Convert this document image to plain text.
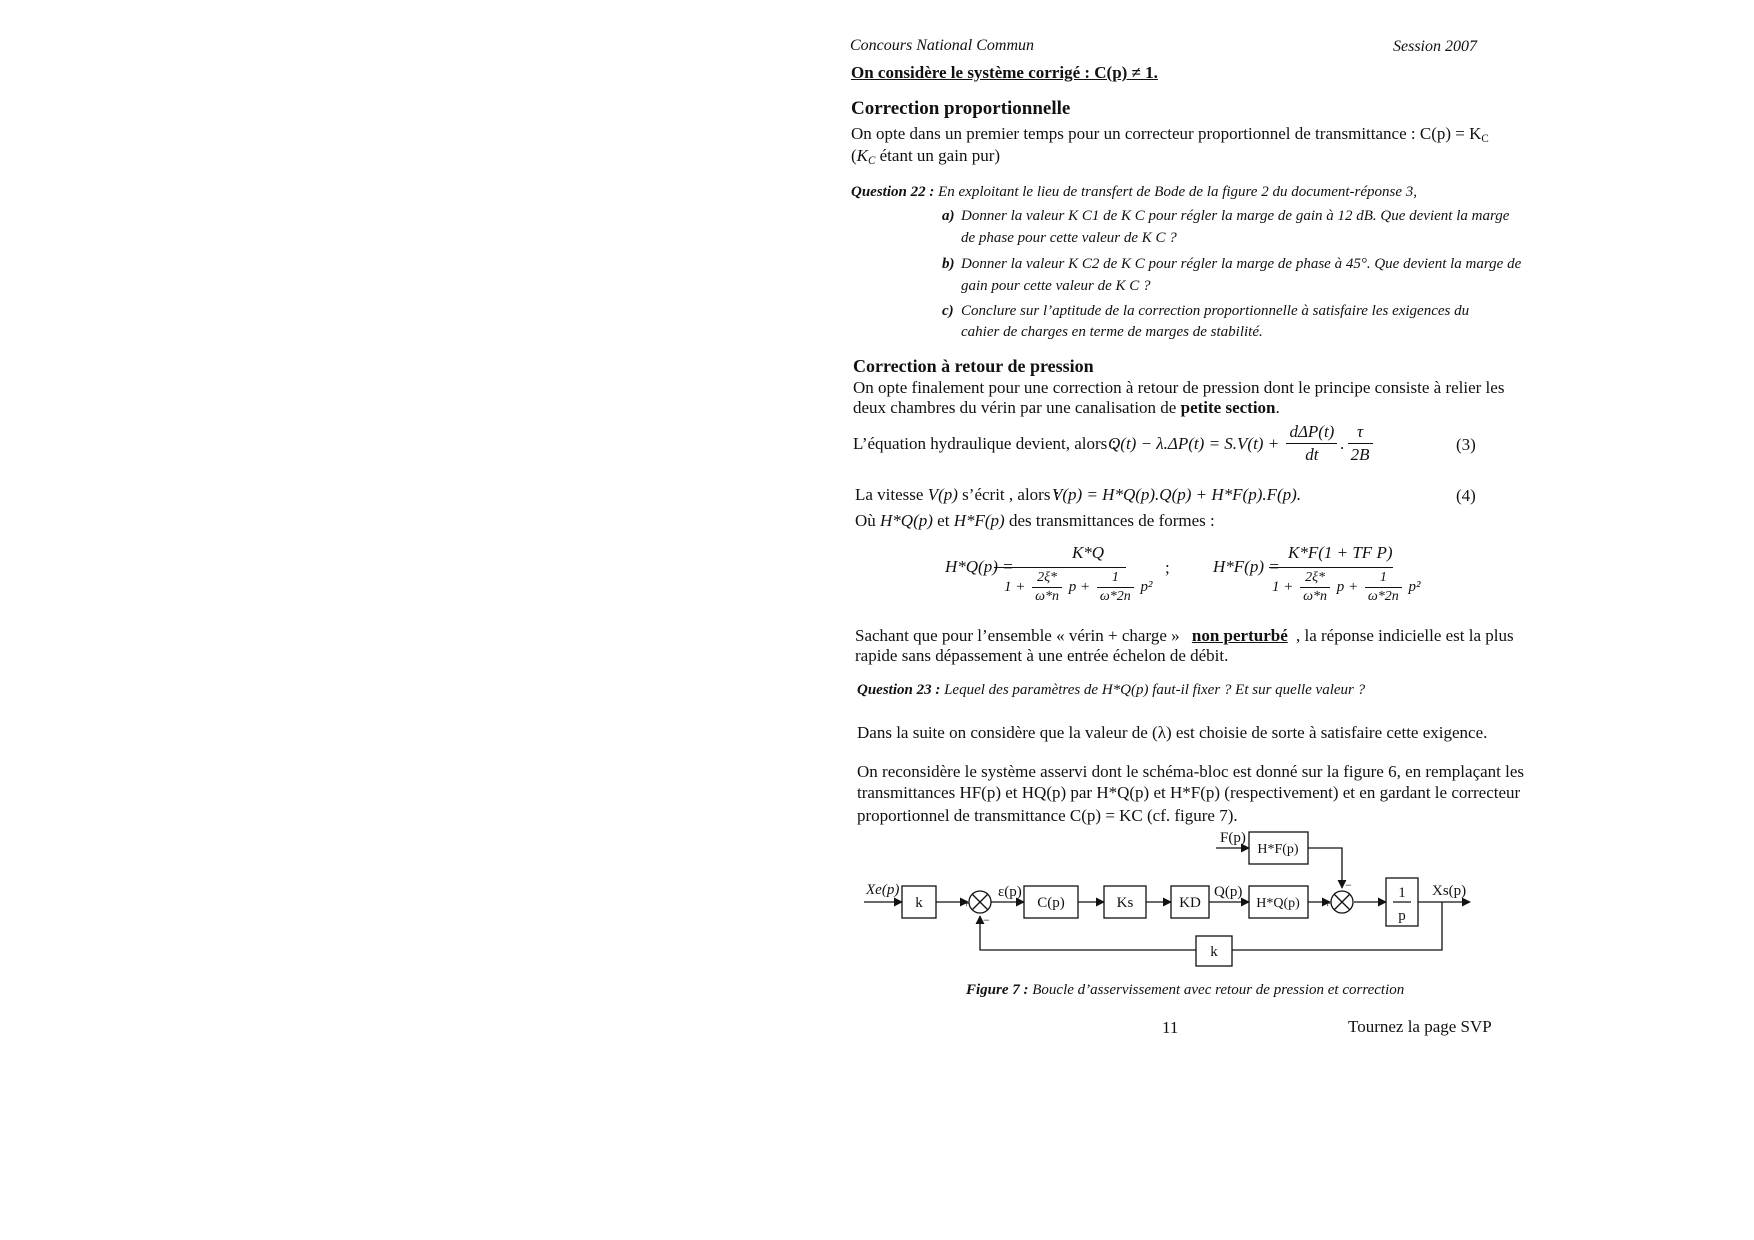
Concours National Commun	Session 2007
On considère le système corrigé : C(p) ≠ 1.
Correction proportionnelle
On opte dans un premier temps pour un correcteur proportionnel de transmittance : $C(p) = K_C$
($K_C$ étant un gain pur)
Question 22 : En exploitant le lieu de transfert de Bode de la figure 2 du document-réponse 3,
a) Donner la valeur K C1 de K C pour régler la marge de gain à 12 dB. Que devient la marge
de phase pour cette valeur de K C ?
b) Donner la valeur K C2 de K C pour régler la marge de phase à 45°. Que devient la marge de
gain pour cette valeur de K C ?
c) Conclure sur l’aptitude de la correction proportionnelle à satisfaire les exigences du
cahier de charges en terme de marges de stabilité.
Correction à retour de pression
On opte finalement pour une correction à retour de pression dont le principe consiste à relier les
deux chambres du vérin par une canalisation de petite section.
L’équation hydraulique devient, alors :
$Q(t) - \lambda.\Delta P(t) = S.V(t) + \frac{\text{dΔP(t)}}{dt}$ . $\frac{\tau}{2B}$	(3)
La vitesse V(p) s’écrit , alors :
V(p) = H*Q(p).Q(p) + H*F(p).F(p).	(4)
Où H*Q(p) et H*F(p) des transmittances de formes :
H*Q(p) =
K*Q
$1 + \frac{2\xi*}{\omega*n}$ $p + \frac{1}{\omega*2n} p^2$
;	H*F(p) =
K*F(1 + TF P)
$1 + \frac{2\xi*}{\omega*n}$ $p + \frac{1}{\omega*2n} p^2$
Sachant que pour l’ensemble « vérin + charge » non perturbé , la réponse indicielle est la plus
rapide sans dépassement à une entrée échelon de débit.
Question 23 : Lequel des paramètres de H*Q(p) faut-il fixer ? Et sur quelle valeur ?
Dans la suite on considère que la valeur de (λ) est choisie de sorte à satisfaire cette exigence.
On reconsidère le système asservi dont le schéma-bloc est donné sur la figure 6, en remplaçant les
transmittances HF(p) et HQ(p) par H*Q(p) et H*F(p) (respectivement) et en gardant le correcteur
proportionnel de transmittance C(p) = KC (cf. figure 7).
Xe(p)
k
ε(p)
C(p)	Ks	KD
Q(p)
H*Q(p)
F(p)
H*F(p)
1
p
Xs(p)
k
+
−
+
−
Figure 7 : Boucle d’asservissement avec retour de pression et correction
11	Tournez la page SVP
